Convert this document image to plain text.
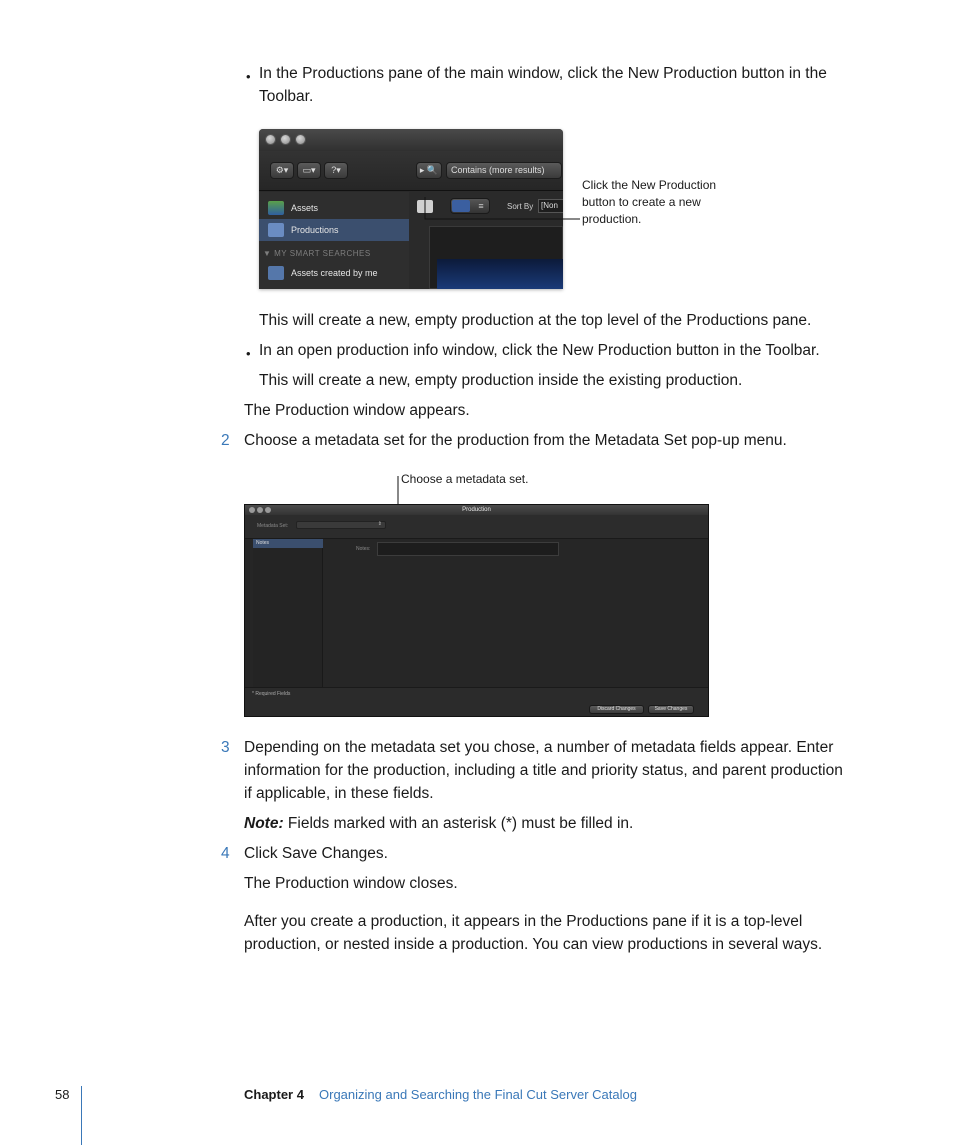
• In the Productions pane of the main window, click the New Production button in the
Toolbar.
⚙▾	▭▾	?▾	▸ 🔍	Contains (more results)
Assets
Productions
▼ MY SMART SEARCHES
Assets created by me
≡	Sort By [Non
Click the New Production
button to create a new
production.
This will create a new, empty production at the top level of the Productions pane.
• In an open production info window, click the New Production button in the Toolbar.
This will create a new, empty production inside the existing production.
The Production window appears.
2 Choose a metadata set for the production from the Metadata Set pop-up menu.
Choose a metadata set.
Production
Metadata Set:	⇕
Notes
Notes:
* Required Fields
Discard Changes	Save Changes
3 Depending on the metadata set you chose, a number of metadata fields appear. Enter
information for the production, including a title and priority status, and parent production
if applicable, in these fields.
Note: Fields marked with an asterisk (*) must be filled in.
4 Click Save Changes.
The Production window closes.
After you create a production, it appears in the Productions pane if it is a top-level
production, or nested inside a production. You can view productions in several ways.
58	Chapter 4 Organizing and Searching the Final Cut Server Catalog
